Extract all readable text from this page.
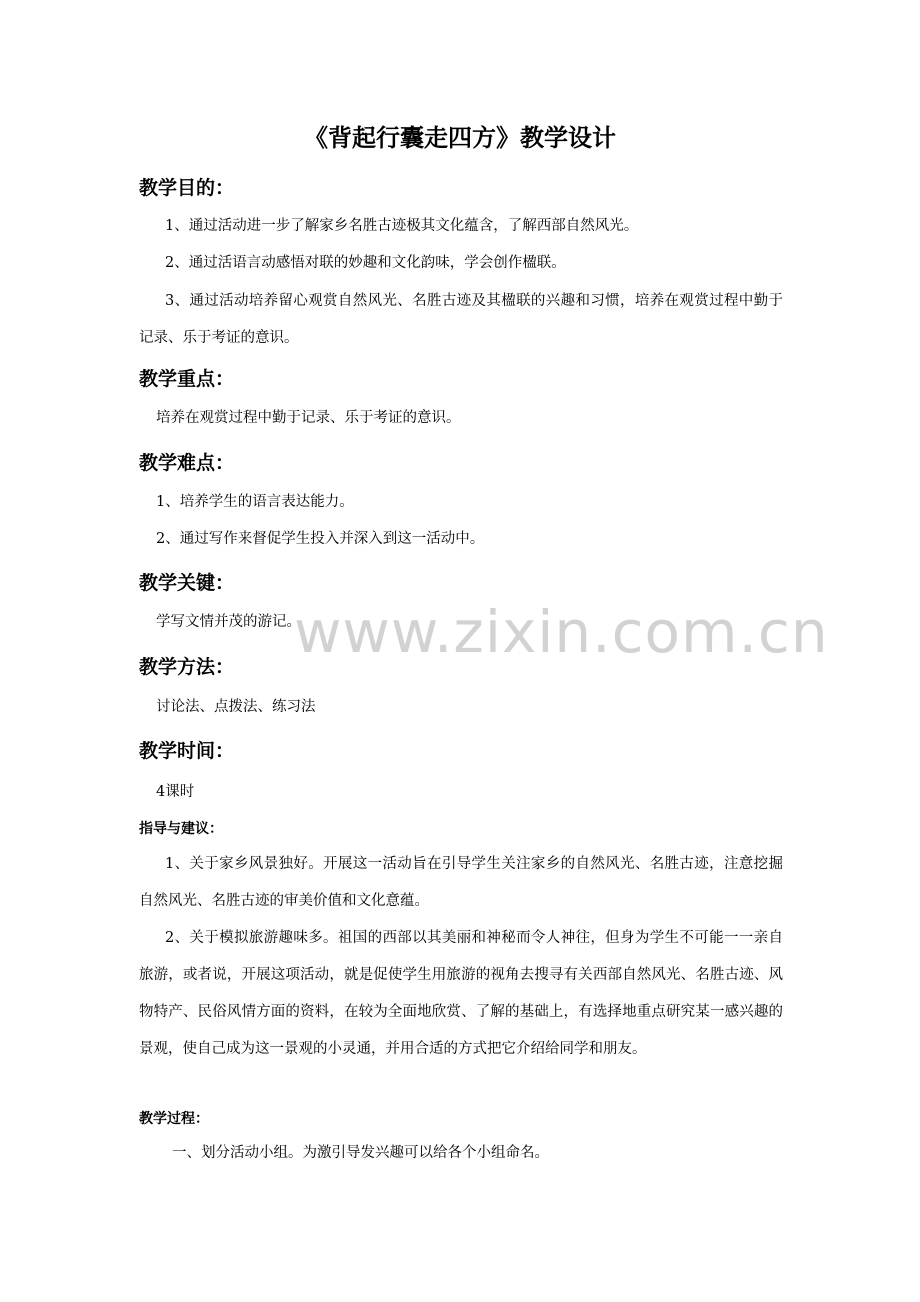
《背起行囊走四方》教学设计
教学目的：
1、通过活动进一步了解家乡名胜古迹极其文化蕴含，了解西部自然风光。
2、通过活语言动感悟对联的妙趣和文化韵味，学会创作楹联。
3、通过活动培养留心观赏自然风光、名胜古迹及其楹联的兴趣和习惯，培养在观赏过程中勤于记录、乐于考证的意识。
教学重点：
培养在观赏过程中勤于记录、乐于考证的意识。
教学难点：
1、培养学生的语言表达能力。
2、通过写作来督促学生投入并深入到这一活动中。
教学关键：
学写文情并茂的游记。
教学方法：
讨论法、点拨法、练习法
教学时间：
4课时
指导与建议：
1、关于家乡风景独好。开展这一活动旨在引导学生关注家乡的自然风光、名胜古迹，注意挖掘自然风光、名胜古迹的审美价值和文化意蕴。
2、关于模拟旅游趣味多。祖国的西部以其美丽和神秘而令人神往，但身为学生不可能一一亲自旅游，或者说，开展这项活动，就是促使学生用旅游的视角去搜寻有关西部自然风光、名胜古迹、风物特产、民俗风情方面的资料，在较为全面地欣赏、了解的基础上，有选择地重点研究某一感兴趣的景观，使自己成为这一景观的小灵通，并用合适的方式把它介绍给同学和朋友。
教学过程：
一、划分活动小组。为激引导发兴趣可以给各个小组命名。
www.zixin.com.cn
